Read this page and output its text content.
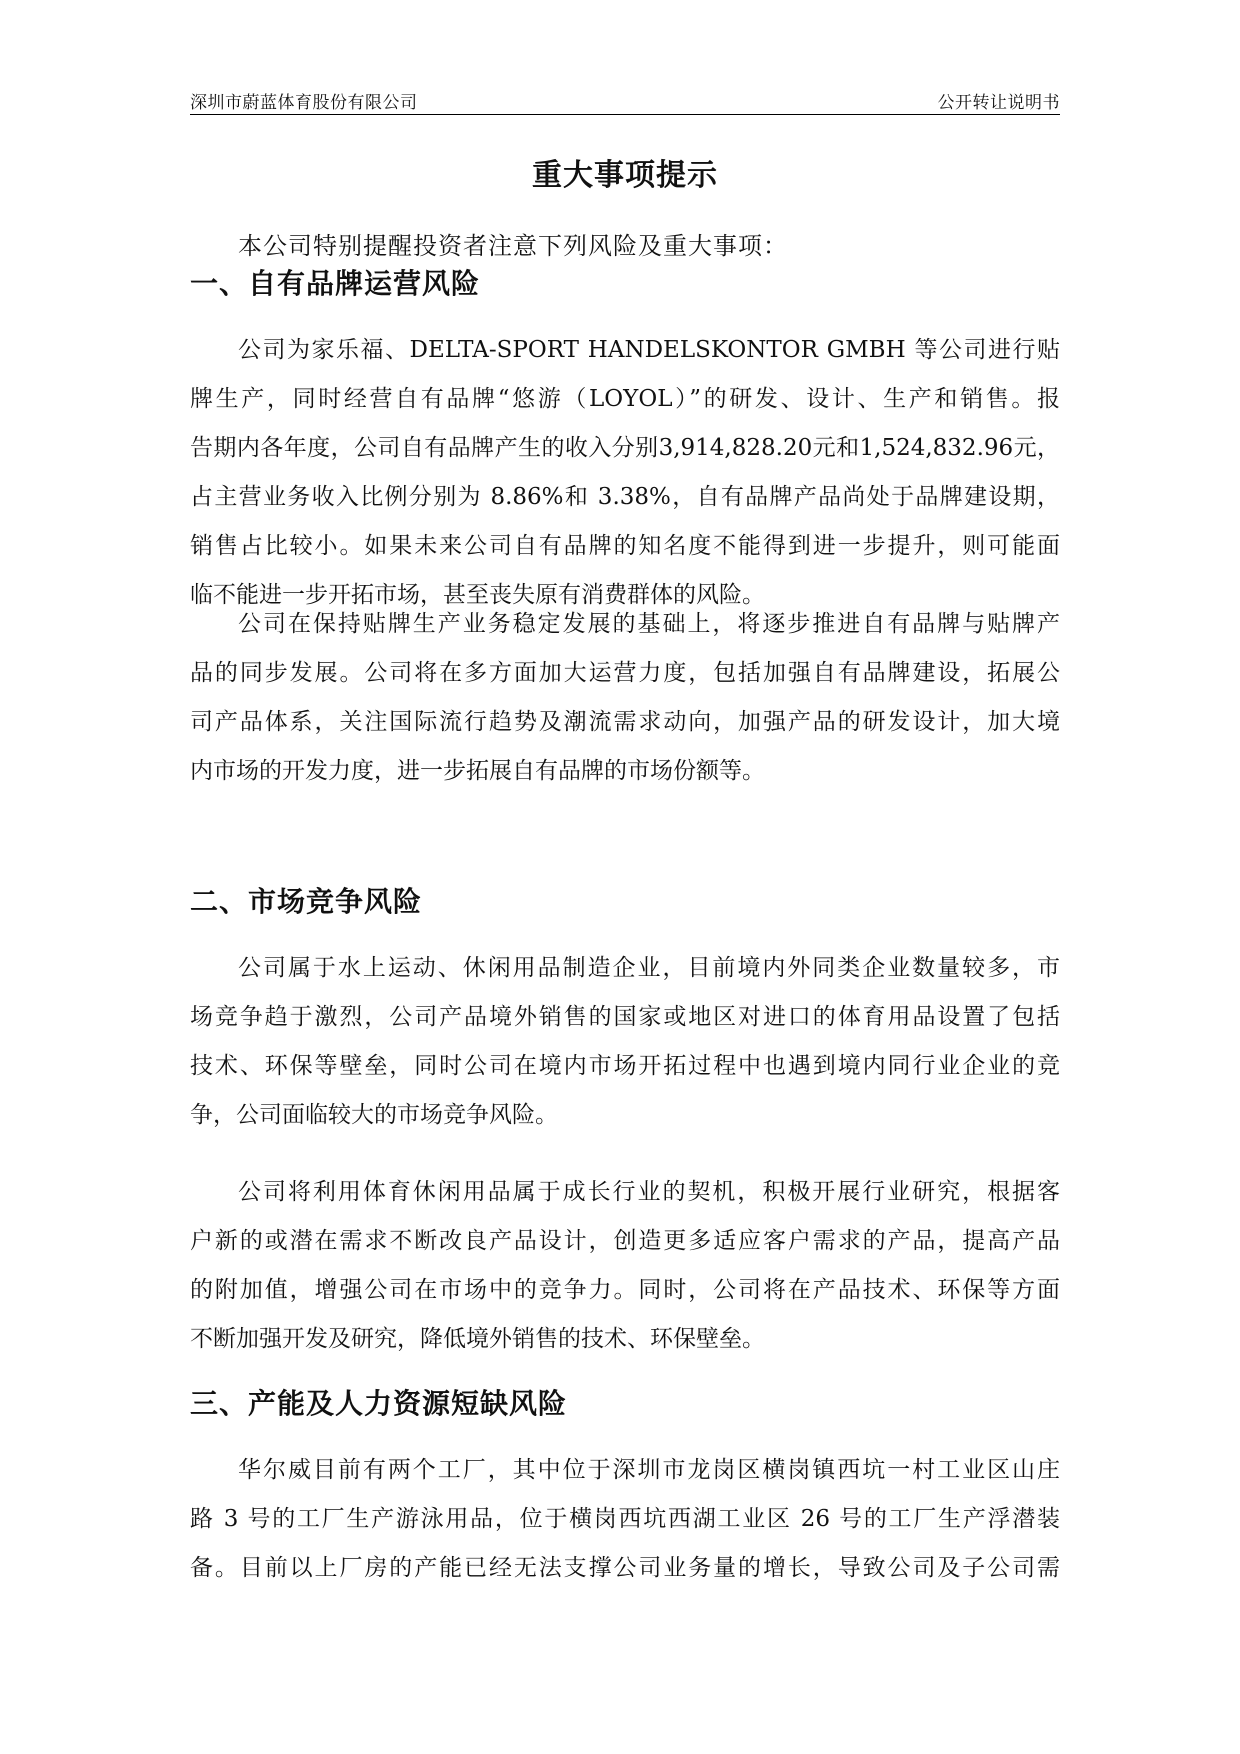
深圳市蔚蓝体育股份有限公司	公开转让说明书
重大事项提示
本公司特别提醒投资者注意下列风险及重大事项：
一、自有品牌运营风险
公司为家乐福、DELTA-SPORT HANDELSKONTOR GMBH 等公司进行贴
牌生产，同时经营自有品牌“悠游（LOYOL）”的研发、设计、生产和销售。报
告期内各年度，公司自有品牌产生的收入分别3,914,828.20元和1,524,832.96元，
占主营业务收入比例分别为 8.86%和 3.38%，自有品牌产品尚处于品牌建设期，
销售占比较小。如果未来公司自有品牌的知名度不能得到进一步提升，则可能面
临不能进一步开拓市场，甚至丧失原有消费群体的风险。
公司在保持贴牌生产业务稳定发展的基础上，将逐步推进自有品牌与贴牌产
品的同步发展。公司将在多方面加大运营力度，包括加强自有品牌建设，拓展公
司产品体系，关注国际流行趋势及潮流需求动向，加强产品的研发设计，加大境
内市场的开发力度，进一步拓展自有品牌的市场份额等。
二、市场竞争风险
公司属于水上运动、休闲用品制造企业，目前境内外同类企业数量较多，市
场竞争趋于激烈，公司产品境外销售的国家或地区对进口的体育用品设置了包括
技术、环保等壁垒，同时公司在境内市场开拓过程中也遇到境内同行业企业的竞
争，公司面临较大的市场竞争风险。
公司将利用体育休闲用品属于成长行业的契机，积极开展行业研究，根据客
户新的或潜在需求不断改良产品设计，创造更多适应客户需求的产品，提高产品
的附加值，增强公司在市场中的竞争力。同时，公司将在产品技术、环保等方面
不断加强开发及研究，降低境外销售的技术、环保壁垒。
三、产能及人力资源短缺风险
华尔威目前有两个工厂，其中位于深圳市龙岗区横岗镇西坑一村工业区山庄
路 3 号的工厂生产游泳用品，位于横岗西坑西湖工业区 26 号的工厂生产浮潜装
备。目前以上厂房的产能已经无法支撑公司业务量的增长，导致公司及子公司需
